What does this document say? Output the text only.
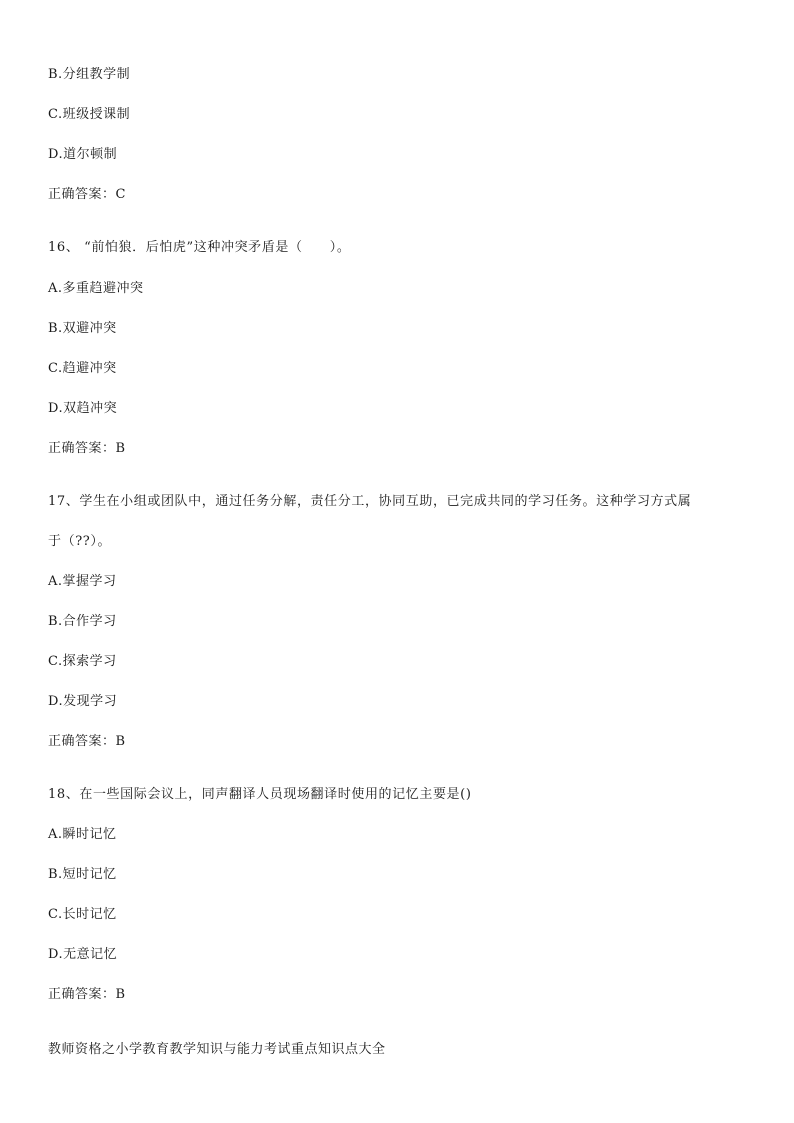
B.分组教学制
C.班级授课制
D.道尔顿制
正确答案：C
16、 “前怕狼．后怕虎”这种冲突矛盾是（　　）。
A.多重趋避冲突
B.双避冲突
C.趋避冲突
D.双趋冲突
正确答案：B
17、学生在小组或团队中，通过任务分解，责任分工，协同互助，已完成共同的学习任务。这种学习方式属
于（??）。
A.掌握学习
B.合作学习
C.探索学习
D.发现学习
正确答案：B
18、在一些国际会议上，同声翻译人员现场翻译时使用的记忆主要是()
A.瞬时记忆
B.短时记忆
C.长时记忆
D.无意记忆
正确答案：B
教师资格之小学教育教学知识与能力考试重点知识点大全
